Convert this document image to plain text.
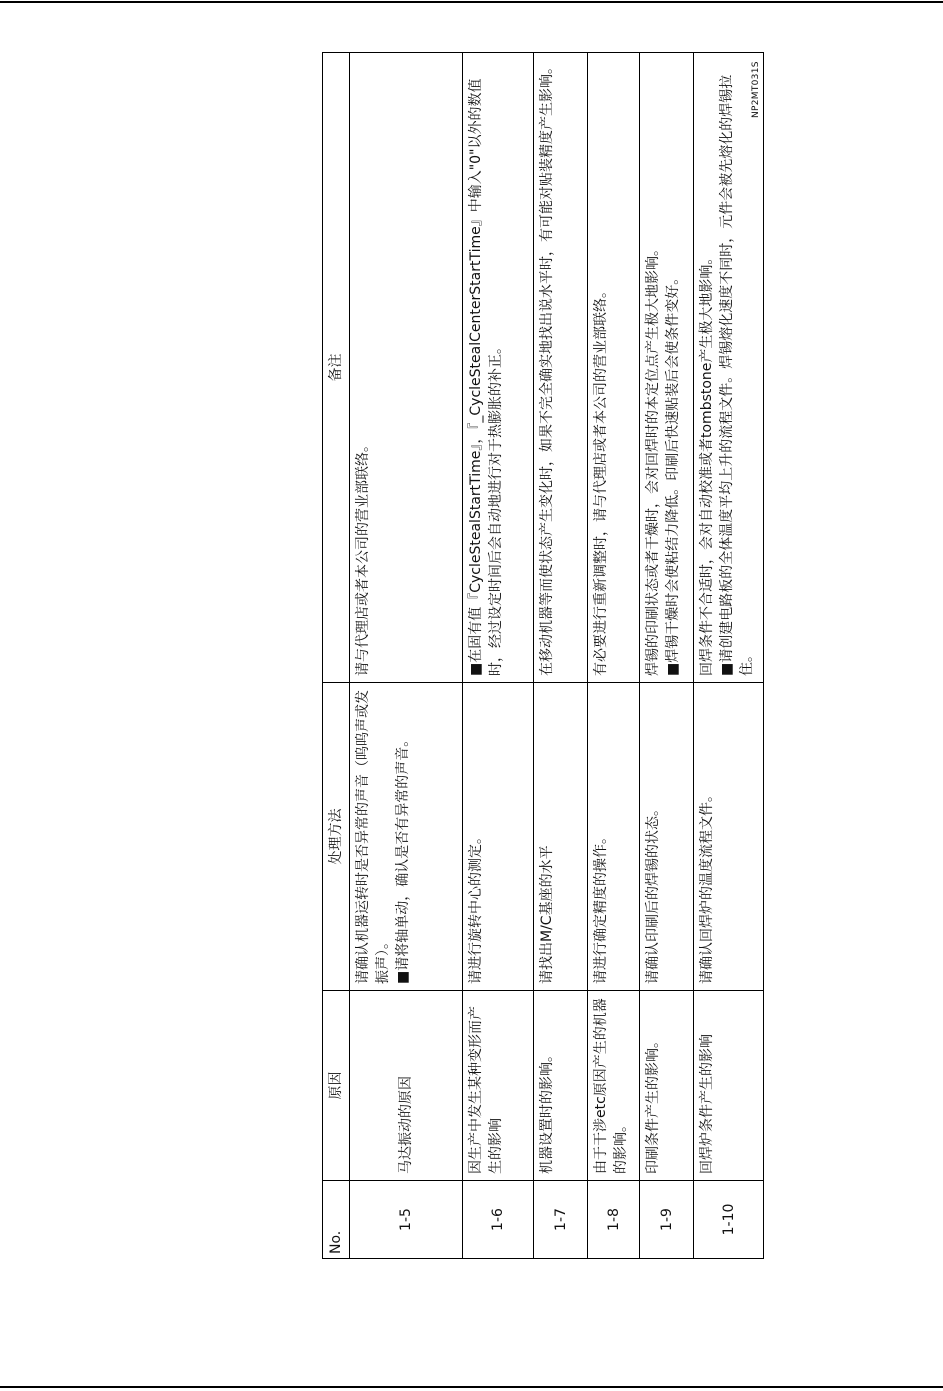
No.	原因	处理方法	备注
1-5	马达振动的原因	请确认机器运转时是否异常的声音（呜呜声或发振声）。 ■请将轴单动，确认是否有异常的声音。	请与代理店或者本公司的营业部联络。

1-6	因生产中发生某种变形而产生的影响	请进行旋转中心的测定。	■在固有值『CycleStealStartTime』，『_CycleStealCenterStartTime』中输入"0"以外的数值时，经过设定时间后会自动地进行对于热膨胀的补正。

1-7	机器设置时的影响。	请找出M/C基座的水平	在移动机器等而使状态产生变化时，如果不完全确实地找出说水平时，有可能对贴装精度产生影响。

1-8	由于干涉etc原因产生的机器的影响。	请进行确定精度的操作。	有必要进行重新调整时，请与代理店或者本公司的营业部联络。

1-9	印刷条件产生的影响。	请确认印刷后的焊锡的状态。	焊锡的印刷状态或者干燥时，会对回焊时的本定位点产生极大地影响。 ■焊锡干燥时会使粘结力降低。印刷后快速贴装后会使条件变好。

1-10	回焊炉条件产生的影响	请确认回焊炉的温度流程文件。	回焊条件不合适时，会对自动校准或者tombstone产生极大地影响。 ■请创建电路板的全体温度平均上升的流程文件。焊锡熔化速度不同时，元件会被先熔化的焊锡拉住。
NP2MT031S
